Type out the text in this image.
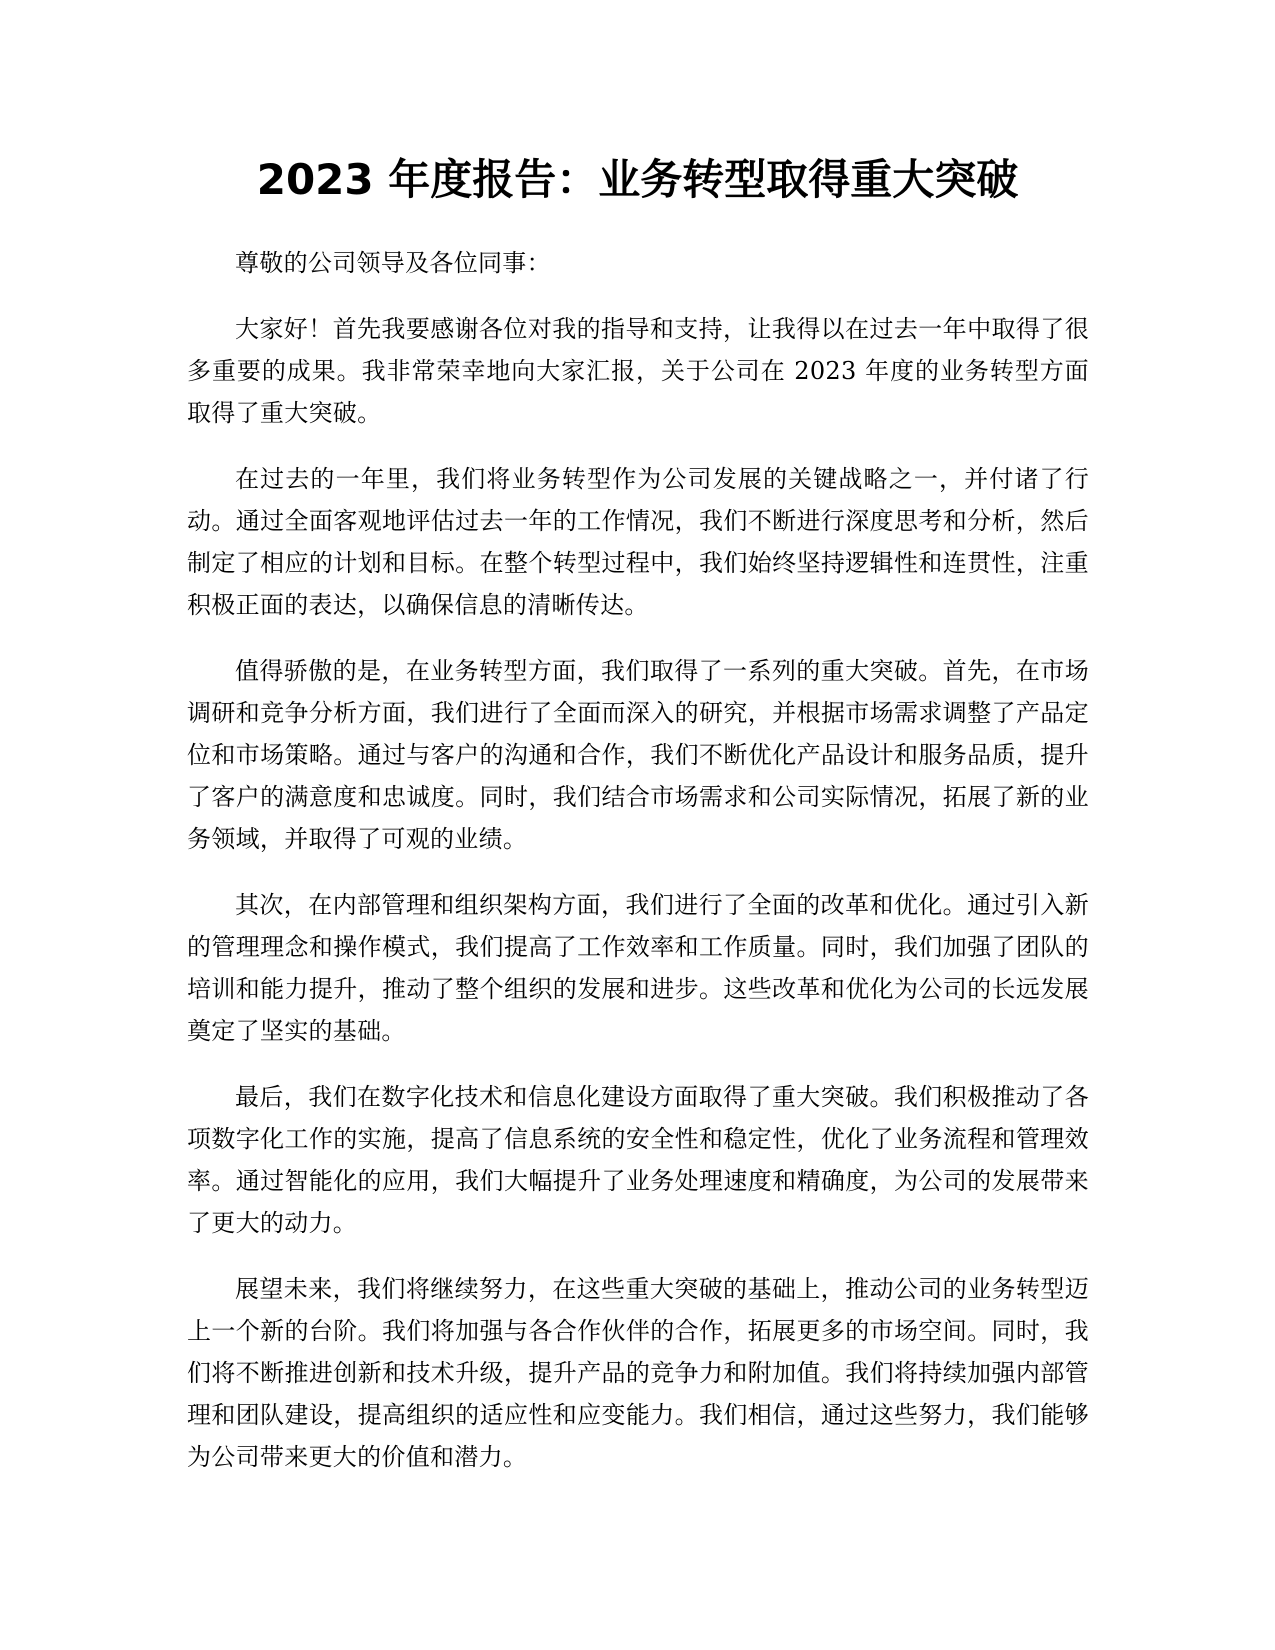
2023 年度报告：业务转型取得重大突破

尊敬的公司领导及各位同事：

大家好！首先我要感谢各位对我的指导和支持，让我得以在过去一年中取得了很多重要的成果。我非常荣幸地向大家汇报，关于公司在 2023 年度的业务转型方面取得了重大突破。

在过去的一年里，我们将业务转型作为公司发展的关键战略之一，并付诸了行动。通过全面客观地评估过去一年的工作情况，我们不断进行深度思考和分析，然后制定了相应的计划和目标。在整个转型过程中，我们始终坚持逻辑性和连贯性，注重积极正面的表达，以确保信息的清晰传达。

值得骄傲的是，在业务转型方面，我们取得了一系列的重大突破。首先，在市场调研和竞争分析方面，我们进行了全面而深入的研究，并根据市场需求调整了产品定位和市场策略。通过与客户的沟通和合作，我们不断优化产品设计和服务品质，提升了客户的满意度和忠诚度。同时，我们结合市场需求和公司实际情况，拓展了新的业务领域，并取得了可观的业绩。

其次，在内部管理和组织架构方面，我们进行了全面的改革和优化。通过引入新的管理理念和操作模式，我们提高了工作效率和工作质量。同时，我们加强了团队的培训和能力提升，推动了整个组织的发展和进步。这些改革和优化为公司的长远发展奠定了坚实的基础。

最后，我们在数字化技术和信息化建设方面取得了重大突破。我们积极推动了各项数字化工作的实施，提高了信息系统的安全性和稳定性，优化了业务流程和管理效率。通过智能化的应用，我们大幅提升了业务处理速度和精确度，为公司的发展带来了更大的动力。

展望未来，我们将继续努力，在这些重大突破的基础上，推动公司的业务转型迈上一个新的台阶。我们将加强与各合作伙伴的合作，拓展更多的市场空间。同时，我们将不断推进创新和技术升级，提升产品的竞争力和附加值。我们将持续加强内部管理和团队建设，提高组织的适应性和应变能力。我们相信，通过这些努力，我们能够为公司带来更大的价值和潜力。
